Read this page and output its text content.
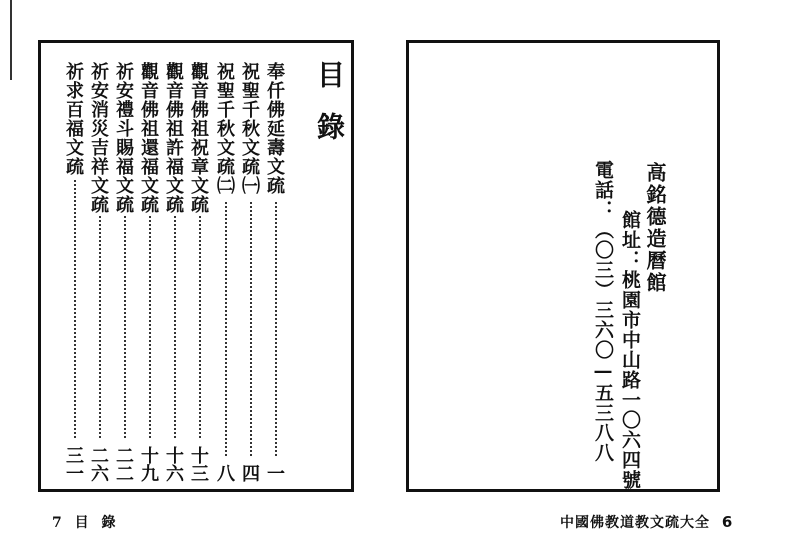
目錄
奉仟佛延壽文疏
一
祝聖千秋文疏㈠
四
祝聖千秋文疏㈡
八
觀音佛祖祝章文疏
十三
觀音佛祖許福文疏
十六
觀音佛祖還福文疏
十九
祈安禮斗賜福文疏
二二
祈安消災吉祥文疏
二六
祈求百福文疏
三一
7 目 錄
高銘德造曆館
館址：桃園市中山路一〇六四號
電話：（〇三）三六〇—五三八八
中國佛教道教文疏大全 6
